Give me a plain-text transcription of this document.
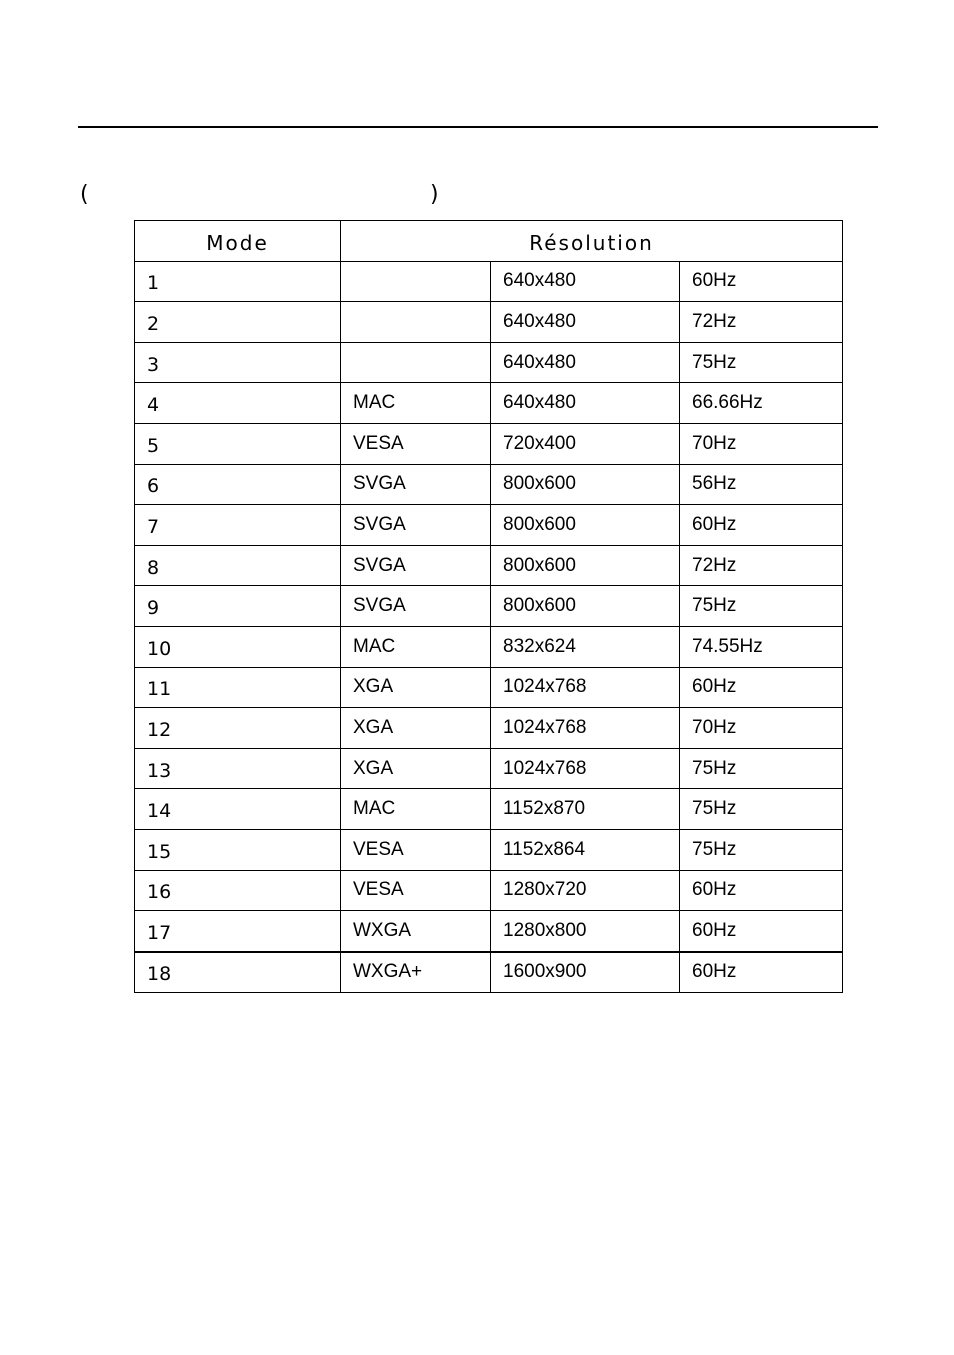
(	)
Mode	Résolution		
1		640x480	60Hz
2		640x480	72Hz
3		640x480	75Hz
4	MAC	640x480	66.66Hz
5	VESA	720x400	70Hz
6	SVGA	800x600	56Hz
7	SVGA	800x600	60Hz
8	SVGA	800x600	72Hz
9	SVGA	800x600	75Hz
10	MAC	832x624	74.55Hz
11	XGA	1024x768	60Hz
12	XGA	1024x768	70Hz
13	XGA	1024x768	75Hz
14	MAC	1152x870	75Hz
15	VESA	1152x864	75Hz
16	VESA	1280x720	60Hz
17	WXGA	1280x800	60Hz
18	WXGA+	1600x900	60Hz
